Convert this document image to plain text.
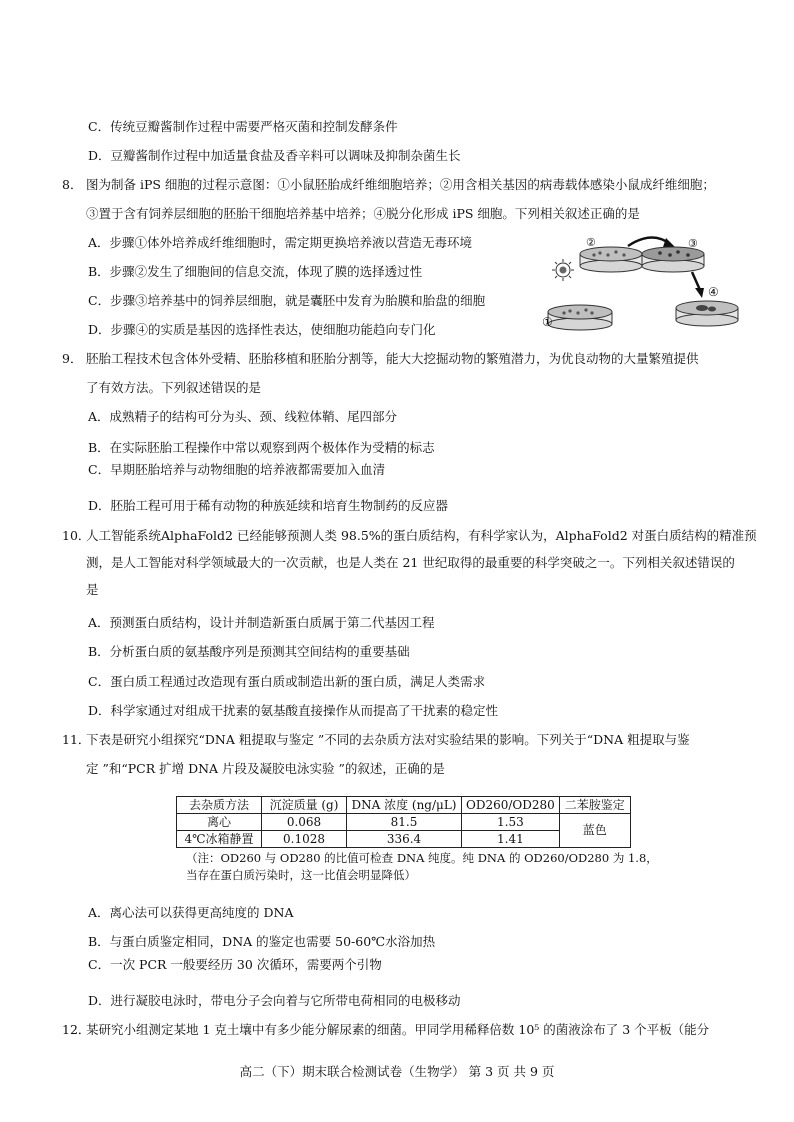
C．传统豆瓣酱制作过程中需要严格灭菌和控制发酵条件
D．豆瓣酱制作过程中加适量食盐及香辛料可以调味及抑制杂菌生长
8． 图为制备 iPS 细胞的过程示意图：①小鼠胚胎成纤维细胞培养；②用含相关基因的病毒载体感染小鼠成纤维细胞；
③置于含有饲养层细胞的胚胎干细胞培养基中培养；④脱分化形成 iPS 细胞。下列相关叙述正确的是
A．步骤①体外培养成纤维细胞时，需定期更换培养液以营造无毒环境
B．步骤②发生了细胞间的信息交流，体现了膜的选择透过性
C．步骤③培养基中的饲养层细胞，就是囊胚中发育为胎膜和胎盘的细胞
D．步骤④的实质是基因的选择性表达，使细胞功能趋向专门化	①
②	③
④
9． 胚胎工程技术包含体外受精、胚胎移植和胚胎分割等，能大大挖掘动物的繁殖潜力，为优良动物的大量繁殖提供
了有效方法。下列叙述错误的是
A．成熟精子的结构可分为头、颈、线粒体鞘、尾四部分
B．在实际胚胎工程操作中常以观察到两个极体作为受精的标志
C．早期胚胎培养与动物细胞的培养液都需要加入血清
D．胚胎工程可用于稀有动物的种族延续和培育生物制药的反应器
10．
人工智能系统AlphaFold2 已经能够预测人类 98.5%的蛋白质结构，有科学家认为，AlphaFold2 对蛋白质结构的精准预
测，是人工智能对科学领域最大的一次贡献，也是人类在 21 世纪取得的最重要的科学突破之一。下列相关叙述错误的
是
A．预测蛋白质结构，设计并制造新蛋白质属于第二代基因工程
B．分析蛋白质的氨基酸序列是预测其空间结构的重要基础
C．蛋白质工程通过改造现有蛋白质或制造出新的蛋白质，满足人类需求
D．科学家通过对组成干扰素的氨基酸直接操作从而提高了干扰素的稳定性
11．
下表是研究小组探究“DNA 粗提取与鉴定 ”不同的去杂质方法对实验结果的影响。下列关于“DNA 粗提取与鉴
定 ”和“PCR 扩增 DNA 片段及凝胶电泳实验 ”的叙述，正确的是
去杂质方法	沉淀质量 (g)	DNA 浓度 (ng/μL)	OD260/OD280	二苯胺鉴定
离心	0.068	81.5	1.53	蓝色
4℃冰箱静置	0.1028	336.4	1.41	
（注：OD260 与 OD280 的比值可检查 DNA 纯度。纯 DNA 的 OD260/OD280 为 1.8，
当存在蛋白质污染时，这一比值会明显降低）
A．离心法可以获得更高纯度的 DNA
B．与蛋白质鉴定相同，DNA 的鉴定也需要 50-60℃水浴加热
C．一次 PCR 一般要经历 30 次循环，需要两个引物
D．进行凝胶电泳时，带电分子会向着与它所带电荷相同的电极移动
12．
某研究小组测定某地 1 克土壤中有多少能分解尿素的细菌。甲同学用稀释倍数 10⁵ 的菌液涂布了 3 个平板（能分
高二（下）期末联合检测试卷（生物学） 第 3 页 共 9 页
